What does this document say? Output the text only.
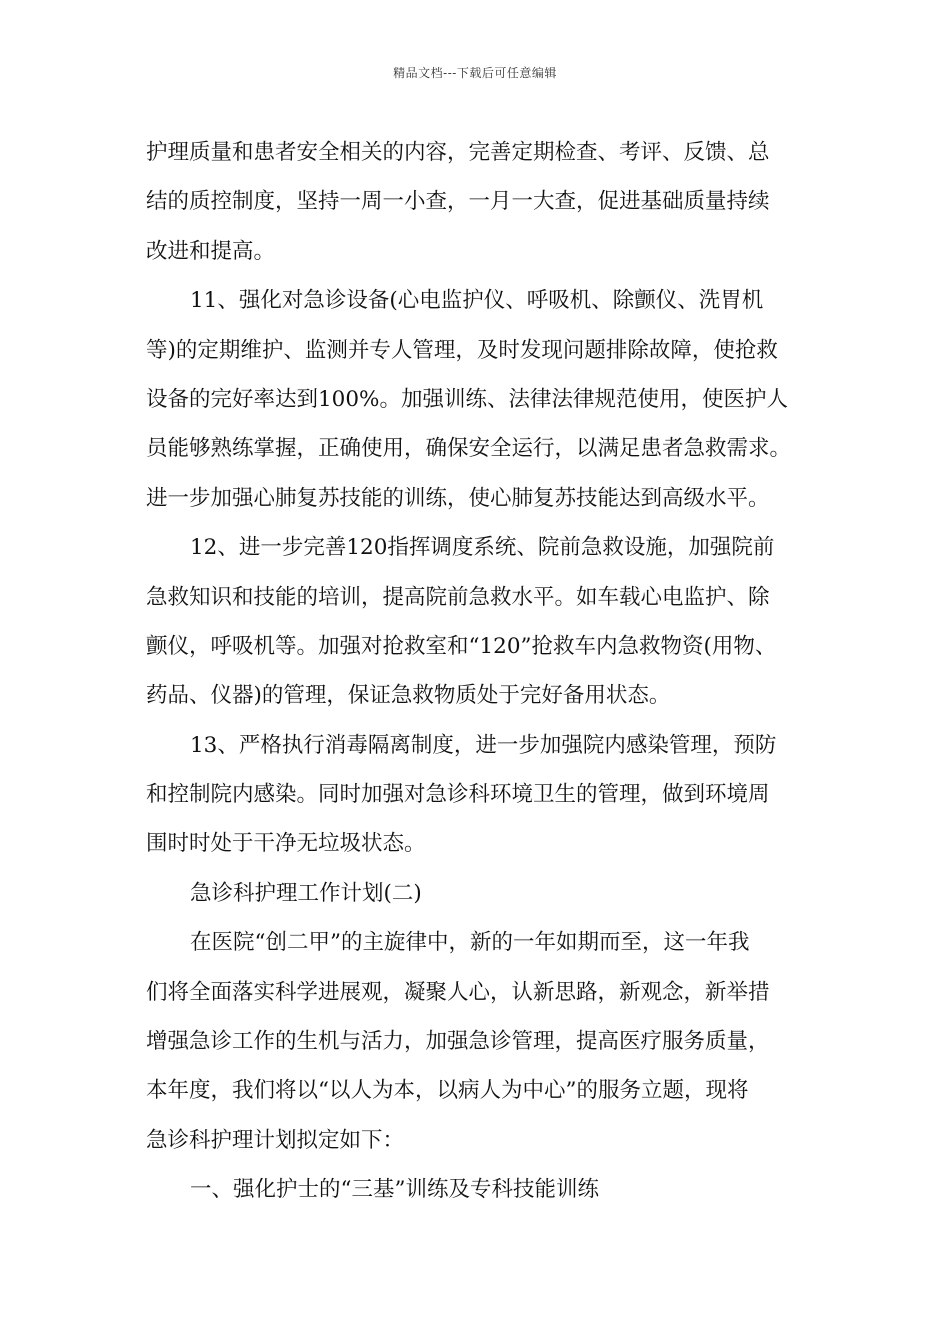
精品文档---下载后可任意编辑
护理质量和患者安全相关的内容，完善定期检查、考评、反馈、总
结的质控制度，坚持一周一小查，一月一大查，促进基础质量持续
改进和提高。
11、强化对急诊设备(心电监护仪、呼吸机、除颤仪、洗胃机
等)的定期维护、监测并专人管理，及时发现问题排除故障，使抢救
设备的完好率达到100%。加强训练、法律法律规范使用，使医护人
员能够熟练掌握，正确使用，确保安全运行，以满足患者急救需求。
进一步加强心肺复苏技能的训练，使心肺复苏技能达到高级水平。
12、进一步完善120指挥调度系统、院前急救设施，加强院前
急救知识和技能的培训，提高院前急救水平。如车载心电监护、除
颤仪，呼吸机等。加强对抢救室和“120”抢救车内急救物资(用物、
药品、仪器)的管理，保证急救物质处于完好备用状态。
13、严格执行消毒隔离制度，进一步加强院内感染管理，预防
和控制院内感染。同时加强对急诊科环境卫生的管理，做到环境周
围时时处于干净无垃圾状态。
急诊科护理工作计划(二)
在医院“创二甲”的主旋律中，新的一年如期而至，这一年我
们将全面落实科学进展观，凝聚人心，认新思路，新观念，新举措
增强急诊工作的生机与活力，加强急诊管理，提高医疗服务质量，
本年度，我们将以“以人为本，以病人为中心”的服务立题，现将
急诊科护理计划拟定如下：
一、强化护士的“三基”训练及专科技能训练
